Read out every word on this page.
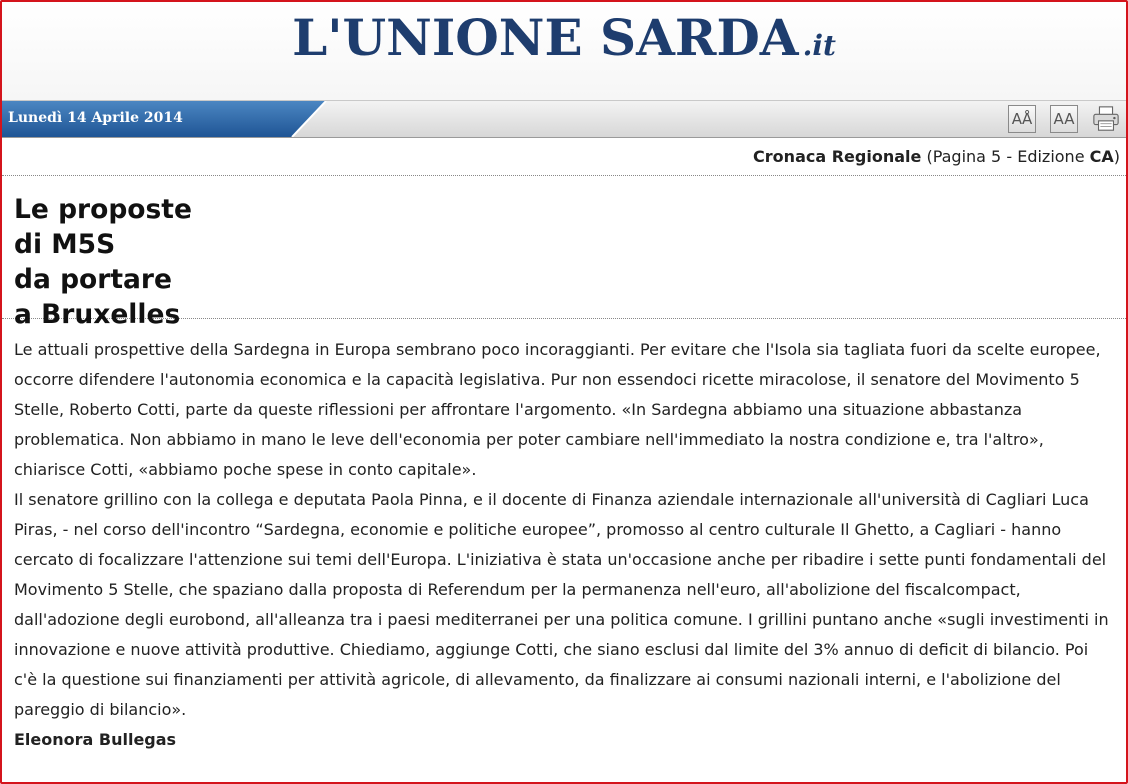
L'UNIONE SARDA .it
Lunedì 14 Aprile 2014	AÅ AA
Cronaca Regionale (Pagina 5 - Edizione CA)
Le proposte
di M5S
da portare
a Bruxelles

Le attuali prospettive della Sardegna in Europa sembrano poco incoraggianti. Per evitare che l'Isola sia tagliata fuori da scelte europee, occorre difendere l'autonomia economica e la capacità legislativa. Pur non essendoci ricette miracolose, il senatore del Movimento 5 Stelle, Roberto Cotti, parte da queste riflessioni per affrontare l'argomento. «In Sardegna abbiamo una situazione abbastanza problematica. Non abbiamo in mano le leve dell'economia per poter cambiare nell'immediato la nostra condizione e, tra l'altro», chiarisce Cotti, «abbiamo poche spese in conto capitale».

Il senatore grillino con la collega e deputata Paola Pinna, e il docente di Finanza aziendale internazionale all'università di Cagliari Luca Piras, - nel corso dell'incontro “Sardegna, economie e politiche europee”, promosso al centro culturale Il Ghetto, a Cagliari - hanno cercato di focalizzare l'attenzione sui temi dell'Europa. L'iniziativa è stata un'occasione anche per ribadire i sette punti fondamentali del Movimento 5 Stelle, che spaziano dalla proposta di Referendum per la permanenza nell'euro, all'abolizione del fiscalcompact, dall'adozione degli eurobond, all'alleanza tra i paesi mediterranei per una politica comune. I grillini puntano anche «sugli investimenti in innovazione e nuove attività produttive. Chiediamo, aggiunge Cotti, che siano esclusi dal limite del 3% annuo di deficit di bilancio. Poi c'è la questione sui finanziamenti per attività agricole, di allevamento, da finalizzare ai consumi nazionali interni, e l'abolizione del pareggio di bilancio».

Eleonora Bullegas
